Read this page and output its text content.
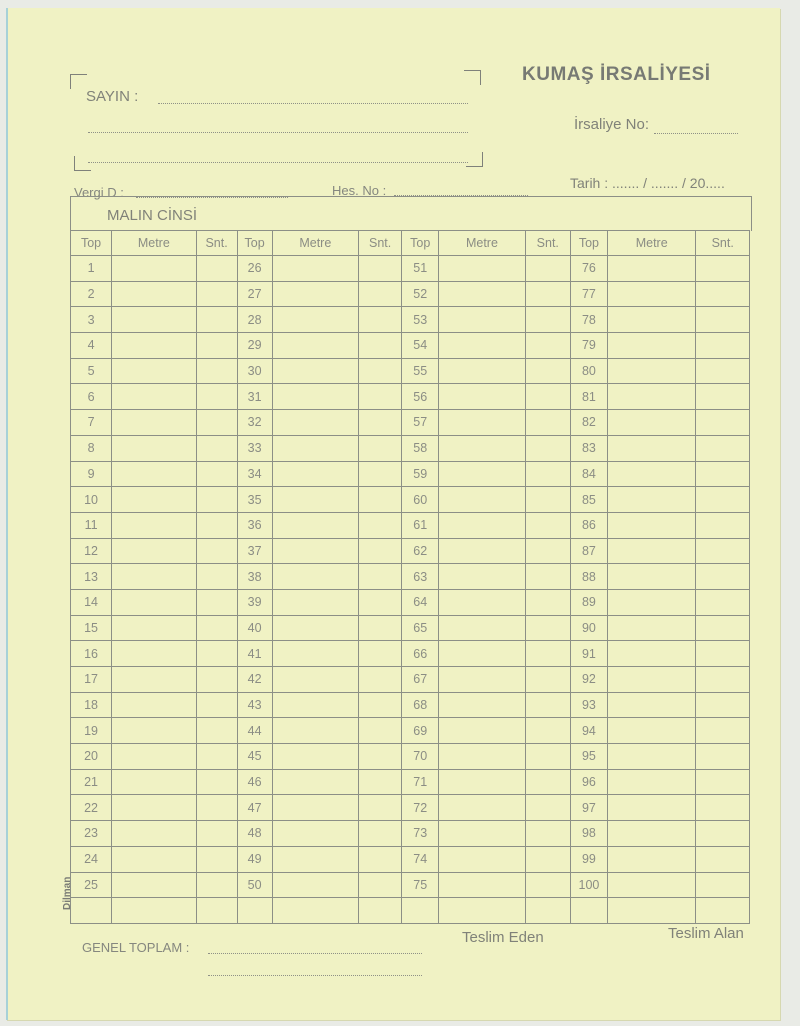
KUMAŞ İRSALİYESİ
SAYIN :
İrsaliye No:
Vergi D :	Hes. No :	Tarih : ....... / ....... / 20.....
MALIN CİNSİ
Top	Metre	Snt.	Top	Metre	Snt.	Top	Metre	Snt.	Top	Metre	Snt.
1			26			51			76		
2			27			52			77		
3			28			53			78		
4			29			54			79		
5			30			55			80		
6			31			56			81		
7			32			57			82		
8			33			58			83		
9			34			59			84		
10			35			60			85		
11			36			61			86		
12			37			62			87		
13			38			63			88		
14			39			64			89		
15			40			65			90		
16			41			66			91		
17			42			67			92		
18			43			68			93		
19			44			69			94		
20			45			70			95		
21			46			71			96		
22			47			72			97		
23			48			73			98		
24			49			74			99		
25			50			75			100		

Dilman
GENEL TOPLAM :
Teslim Eden	Teslim Alan
